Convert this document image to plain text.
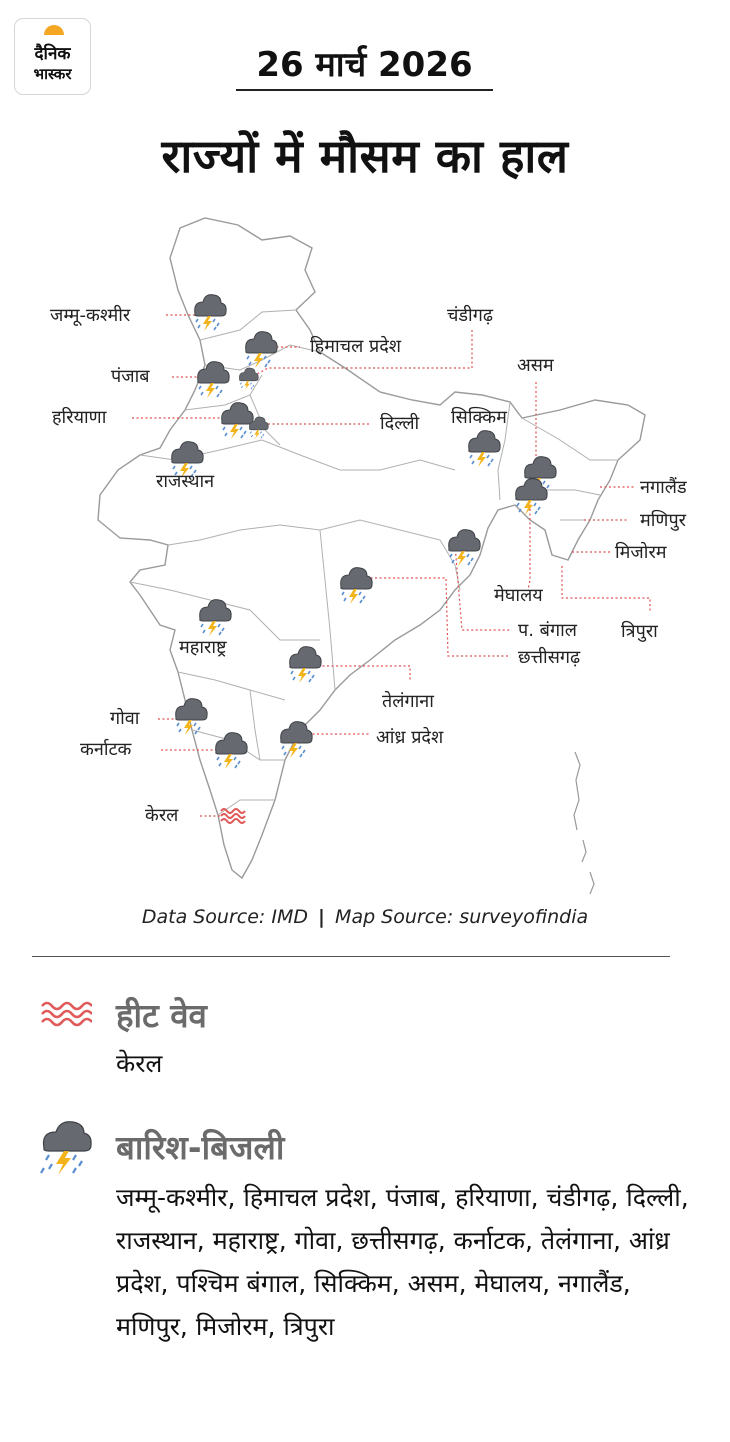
दैनिक
भास्कर	26 मार्च 2026
राज्यों में मौसम का हाल
जम्मू-कश्मीर
हिमाचल प्रदेश
चंडीगढ़
पंजाब
हरियाणा	दिल्ली
राजस्थान
सिक्किम
असम
नगालैंड
मणिपुर
मिजोरम
मेघालय
त्रिपुरा
प. बंगाल
छत्तीसगढ़
महाराष्ट्र
तेलंगाना
गोवा
कर्नाटक
आंध्र प्रदेश
केरल
Data Source: IMD | Map Source: surveyofindia
हीट वेव
केरल
बारिश-बिजली
जम्मू-कश्मीर, हिमाचल प्रदेश, पंजाब, हरियाणा, चंडीगढ़, दिल्ली, राजस्थान, महाराष्ट्र, गोवा, छत्तीसगढ़, कर्नाटक, तेलंगाना, आंध्र प्रदेश, पश्चिम बंगाल, सिक्किम, असम, मेघालय, नगालैंड, मणिपुर, मिजोरम, त्रिपुरा
